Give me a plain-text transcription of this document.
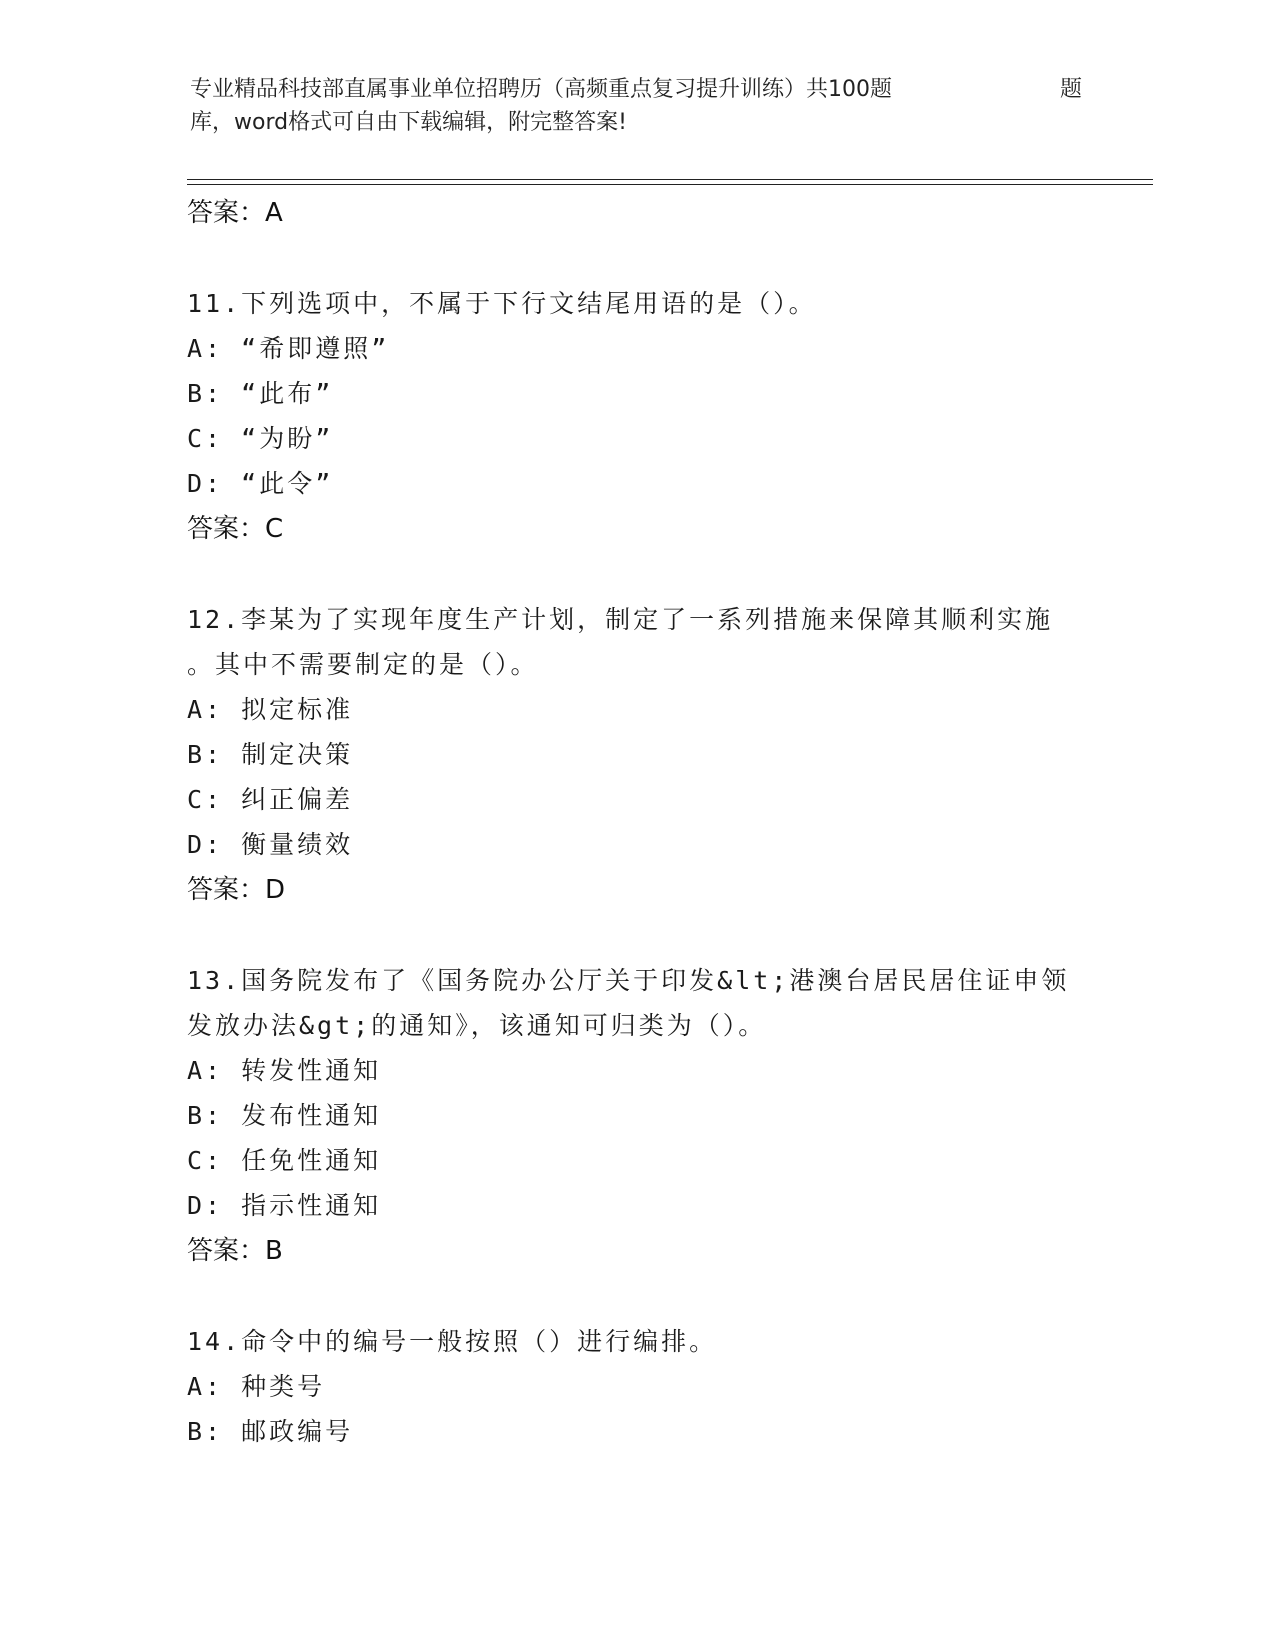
专业精品科技部直属事业单位招聘历（高频重点复习提升训练）共100题	题
库，word格式可自由下载编辑，附完整答案!
答案：A
11.下列选项中，不属于下行文结尾用语的是（）。
A: “希即遵照”
B: “此布”
C: “为盼”
D: “此令”
答案：C
12.李某为了实现年度生产计划，制定了一系列措施来保障其顺利实施
。其中不需要制定的是（）。
A: 拟定标准
B: 制定决策
C: 纠正偏差
D: 衡量绩效
答案：D
13.国务院发布了《国务院办公厅关于印发&lt;港澳台居民居住证申领
发放办法&gt;的通知》，该通知可归类为（）。
A: 转发性通知
B: 发布性通知
C: 任免性通知
D: 指示性通知
答案：B
14.命令中的编号一般按照（）进行编排。
A: 种类号
B: 邮政编号
